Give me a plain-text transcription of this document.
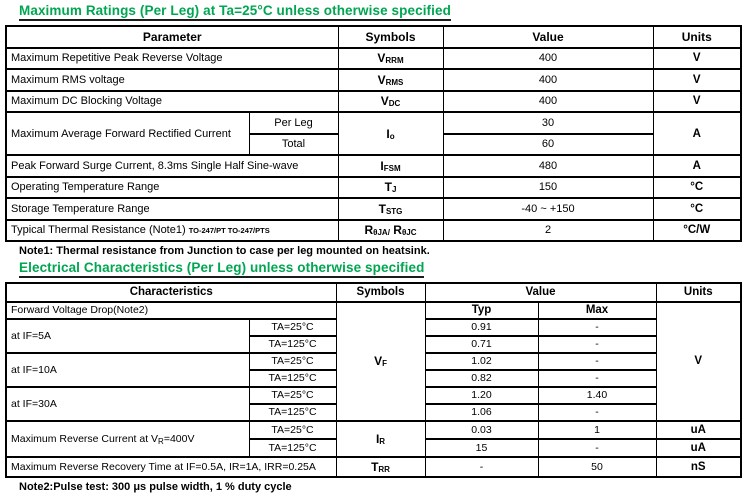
Maximum Ratings (Per Leg) at Ta=25°C unless otherwise specified
Parameter		Symbols	Value	Units
Maximum Repetitive Peak Reverse Voltage		$V_{RRM}$	400	V
Maximum RMS voltage		$V_{RMS}$	400	V
Maximum DC Blocking Voltage		$V_{DC}$	400	V
Maximum Average Forward Rectified Current	Per Leg	$I_o$	30	A
	Total		60	
Peak Forward Surge Current, 8.3ms Single Half Sine-wave		$I_{FSM}$	480	A
Operating Temperature Range		$T_J$	150	°C
Storage Temperature Range		$T_{STG}$	-40 ~ +150	°C
Typical Thermal Resistance (Note1) TO-247/PT TO-247/PTS		$R_{\theta JA/}$ $R_{\theta JC}$	2	°C/W
Note1: Thermal resistance from Junction to case per leg mounted on heatsink.
Electrical Characteristics (Per Leg) unless otherwise specified
Characteristics		Symbols	Value		Units
Forward Voltage Drop(Note2)		$V_F$	Typ	Max	V
at IF=5A	TA=25°C		0.91	-	
	TA=125°C		0.71	-	
at IF=10A	TA=25°C		1.02	-	
	TA=125°C		0.82	-	
at IF=30A	TA=25°C		1.20	1.40	
	TA=125°C		1.06	-	
Maximum Reverse Current at VR=400V	TA=25°C	$I_R$	0.03	1	uA
	TA=125°C		15	-	uA
Maximum Reverse Recovery Time at IF=0.5A, IR=1A, IRR=0.25A		$T_{RR}$	-	50	nS
Note2:Pulse test: 300 μs pulse width, 1 % duty cycle
